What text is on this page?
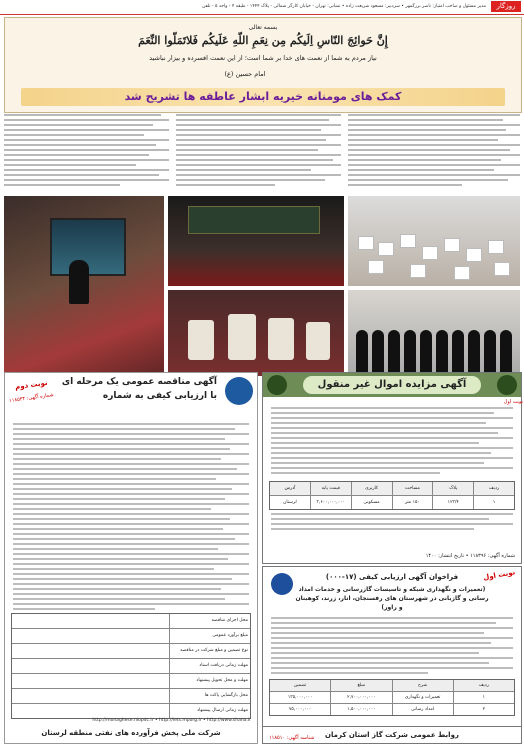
روزگار
مدیر مسئول و صاحب امتیاز: ناصر بزرگمهر • سردبیر: مسعود شریعت زاده • نشانی: تهران - خیابان کارگر شمالی - پلاک ۱۴۴۴ - طبقه ۴ - واحد ۵ - تلفن
بسمه تعالی
إِنَّ حَوائِجَ النّاسِ اِلَيکُم مِن نِعَمِ اللّهِ عَلَيکُم فَلاتَمَلّوا النِّعَمَ
نیاز مردم به شما از نعمت های خدا بر شما است؛ از این نعمت افسرده و بیزار نباشید
امام حسین (ع)
کمک های مومنانه خیریه ابشار عاطفه ها تشریح شد
آگهی مناقصه عمومی یک مرحله ای
با ارزیابی کیفی به شماره
نوبت دوم
شماره آگهی: ۱۱۸۵۳۴
محل اجرای مناقصه
مبلغ برآورد عمومی
نوع تضمین و مبلغ شرکت در مناقصه
مهلت زمانی دریافت اسناد
مهلت و محل تحویل پیشنهاد
محل بازگشایی پاکت ها
مهلت زمانی ارسال پیشنهاد
http://monaghese.niopdc.ir • http://iets.mporg.ir • http://www.shana.ir
شرکت ملی پخش فرآورده های نفتی منطقه لرستان
آگهی مزایده اموال غیر منقول
نوبت اول
ردیف
پلاک
مساحت
کاربری
قیمت پایه
آدرس
۱
۱۲۳/۴
۱۵۰ متر
مسکونی
۳,۶۰۰,۰۰۰,۰۰۰
لرستان
شماره آگهی: ۱۱۸۳۹۶ • تاریخ انتشار: ۱۴۰۰
نوبت اول
فراخوان آگهی ارزیابی کیفی (۱۷-۰۰۰)
(تعمیرات و نگهداری شبکه و تاسیسات گازرسانی و خدمات امداد رسانی و گازبانی در شهرستان های رفسنجان، انار، زرند، کوهبنان و راور)
ردیف
شرح
مبلغ
تضمین
۱
تعمیرات و نگهداری
۲,۷۰۰,۰۰۰,۰۰۰
۱۳۵,۰۰۰,۰۰۰
۲
امداد رسانی
۱,۵۰۰,۰۰۰,۰۰۰
۷۵,۰۰۰,۰۰۰
شناسه آگهی: ۱۱۸۵۱۰	روابط عمومی شرکت گاز استان کرمان
